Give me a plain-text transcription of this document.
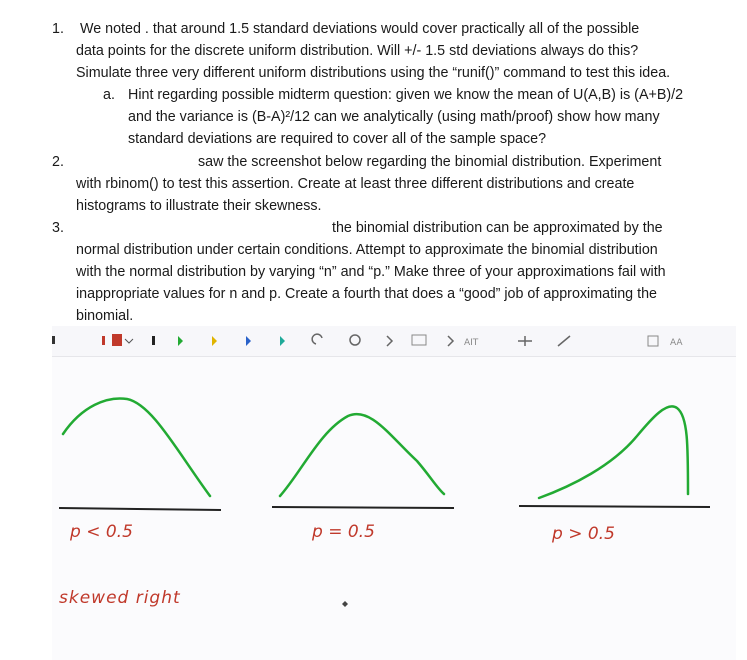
1. We noted . that around 1.5 standard deviations would cover practically all of the possible
data points for the discrete uniform distribution. Will +/- 1.5 std deviations always do this?
Simulate three very different uniform distributions using the “runif()” command to test this idea.
a. Hint regarding possible midterm question: given we know the mean of U(A,B) is (A+B)/2
and the variance is (B-A)²/12 can we analytically (using math/proof) show how many
standard deviations are required to cover all of the sample space?
2.	saw the screenshot below regarding the binomial distribution. Experiment
with rbinom() to test this assertion. Create at least three different distributions and create
histograms to illustrate their skewness.
3.	the binomial distribution can be approximated by the
normal distribution under certain conditions. Attempt to approximate the binomial distribution
with the normal distribution by varying “n” and “p.” Make three of your approximations fail with
inappropriate values for n and p. Create a fourth that does a “good” job of approximating the
binomial.
AIT	AA
p < 0.5	p = 0.5	p > 0.5
skewed right
